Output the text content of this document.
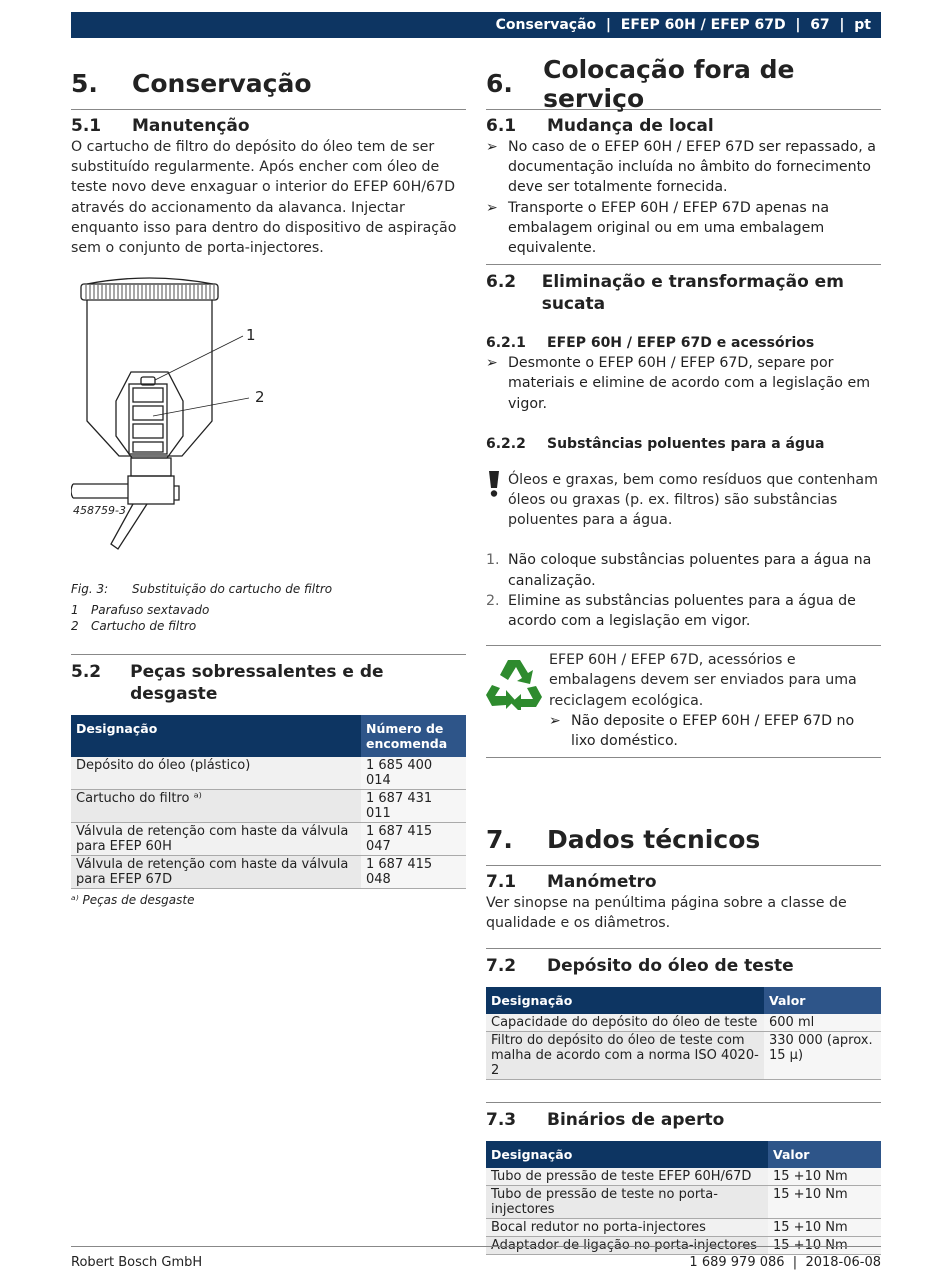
Conservação  |  EFEP 60H / EFEP 67D  |  67  |  pt
5.	Conservação
5.1	Manutenção
O cartucho de filtro do depósito do óleo tem de ser substituído regularmente. Após encher com óleo de teste novo deve enxaguar o interior do EFEP 60H/67D através do accionamento da alavanca. Injectar enquanto isso para dentro do dispositivo de aspiração sem o conjunto de porta-injectores.
1
2
458759-3
Fig. 3:	Substituição do cartucho de filtro
1	Parafuso sextavado
2	Cartucho de filtro
5.2	Peças sobressalentes e de desgaste
Designação	Número de encomenda
Depósito do óleo (plástico)	1 685 400 014
Cartucho do filtro ᵃ⁾	1 687 431 011
Válvula de retenção com haste da válvula para EFEP 60H	1 687 415 047
Válvula de retenção com haste da válvula para EFEP 67D	1 687 415 048
ᵃ⁾ Peças de desgaste
6.	Colocação fora de serviço
6.1	Mudança de local
➢ No caso de o EFEP 60H / EFEP 67D ser repassado, a documentação incluída no âmbito do fornecimento deve ser totalmente fornecida.
➢ Transporte o EFEP 60H / EFEP 67D apenas na embalagem original ou em uma embalagem equivalente.
6.2	Eliminação e transformação em sucata
6.2.1	EFEP 60H / EFEP 67D e acessórios
➢ Desmonte o EFEP 60H / EFEP 67D, separe por materiais e elimine de acordo com a legislação em vigor.
6.2.2	Substâncias poluentes para a água
Óleos e graxas, bem como resíduos que contenham óleos ou graxas (p. ex. filtros) são substâncias poluentes para a água.
1. Não coloque substâncias poluentes para a água na canalização.
2. Elimine as substâncias poluentes para a água de acordo com a legislação em vigor.
EFEP 60H / EFEP 67D, acessórios e embalagens devem ser enviados para uma reciclagem ecológica.
➢ Não deposite o EFEP 60H / EFEP 67D no lixo doméstico.
7.	Dados técnicos
7.1	Manómetro
Ver sinopse na penúltima página sobre a classe de qualidade e os diâmetros.
7.2	Depósito do óleo de teste
Designação	Valor
Capacidade do depósito do óleo de teste	600 ml
Filtro do depósito do óleo de teste com malha de acordo com a norma ISO 4020-2	330 000 (aprox. 15 µ)
7.3	Binários de aperto
Designação	Valor
Tubo de pressão de teste EFEP 60H/67D	15 +10 Nm
Tubo de pressão de teste no porta-injectores	15 +10 Nm
Bocal redutor no porta-injectores	15 +10 Nm
Adaptador de ligação no porta-injectores	15 +10 Nm
Robert Bosch GmbH	1 689 979 086  |  2018-06-08
